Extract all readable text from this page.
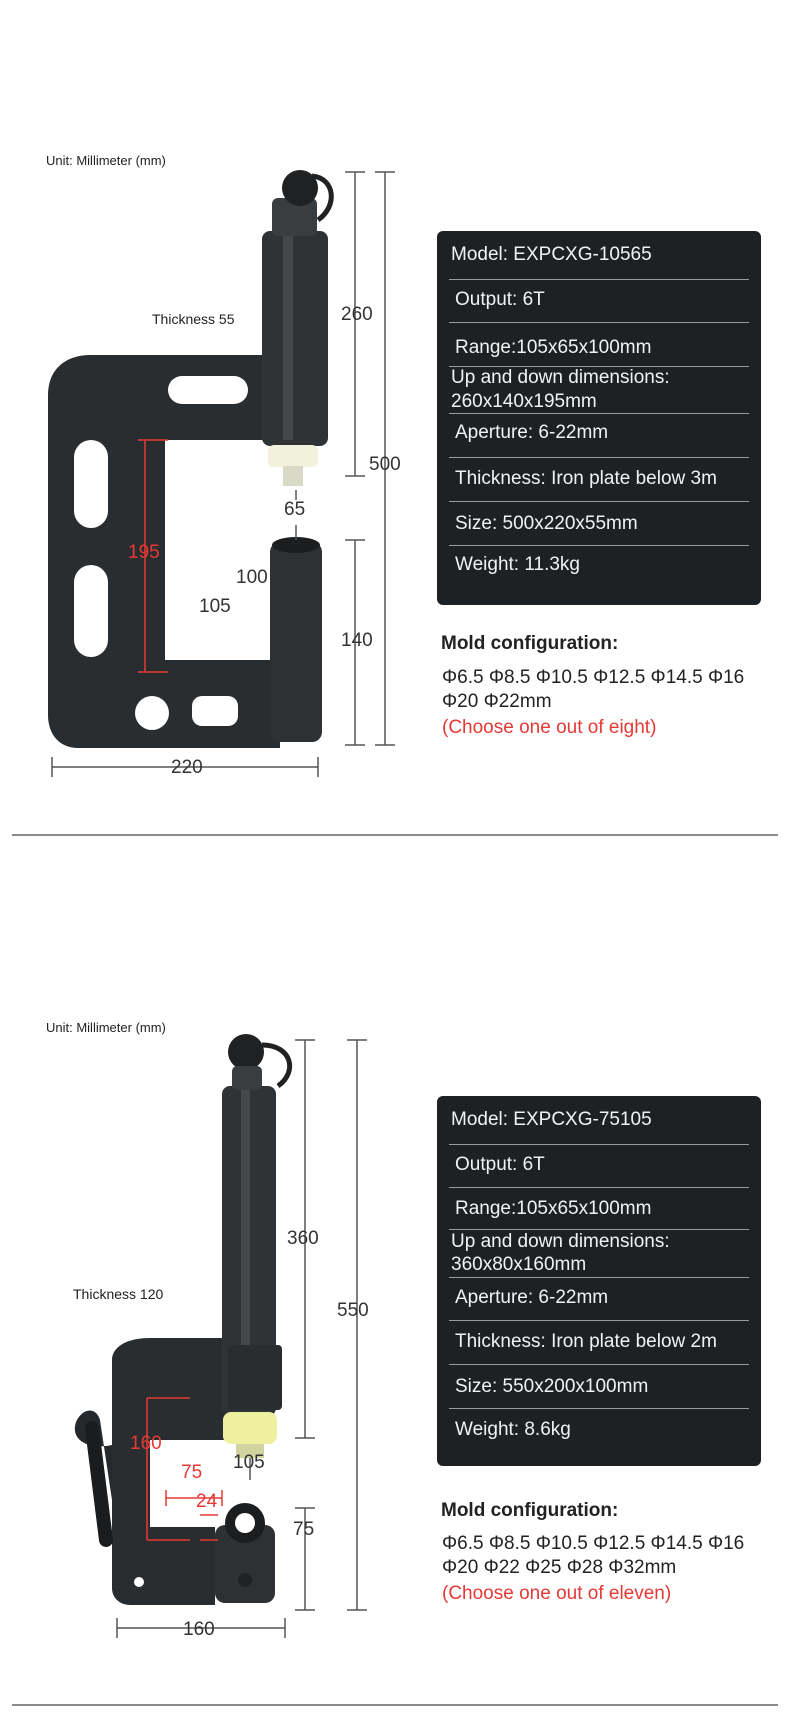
Unit: Millimeter (mm)
Thickness 55	260
500
65
140
220
195
105
100
Model: EXPCXG-10565
Output: 6T
Range:105x65x100mm
Up and down dimensions:
260x140x195mm
Aperture: 6-22mm
Thickness: Iron plate below 3m
Size: 500x220x55mm
Weight: 11.3kg
Mold configuration:
Φ6.5 Φ8.5 Φ10.5 Φ12.5 Φ14.5 Φ16
Φ20 Φ22mm
(Choose one out of eight)
Unit: Millimeter (mm)
Thickness 120
360
550
105
75
160
160
75
24
Model: EXPCXG-75105
Output: 6T
Range:105x65x100mm
Up and down dimensions:
360x80x160mm
Aperture: 6-22mm
Thickness: Iron plate below 2m
Size: 550x200x100mm
Weight: 8.6kg
Mold configuration:
Φ6.5 Φ8.5 Φ10.5 Φ12.5 Φ14.5 Φ16
Φ20 Φ22 Φ25 Φ28 Φ32mm
(Choose one out of eleven)
